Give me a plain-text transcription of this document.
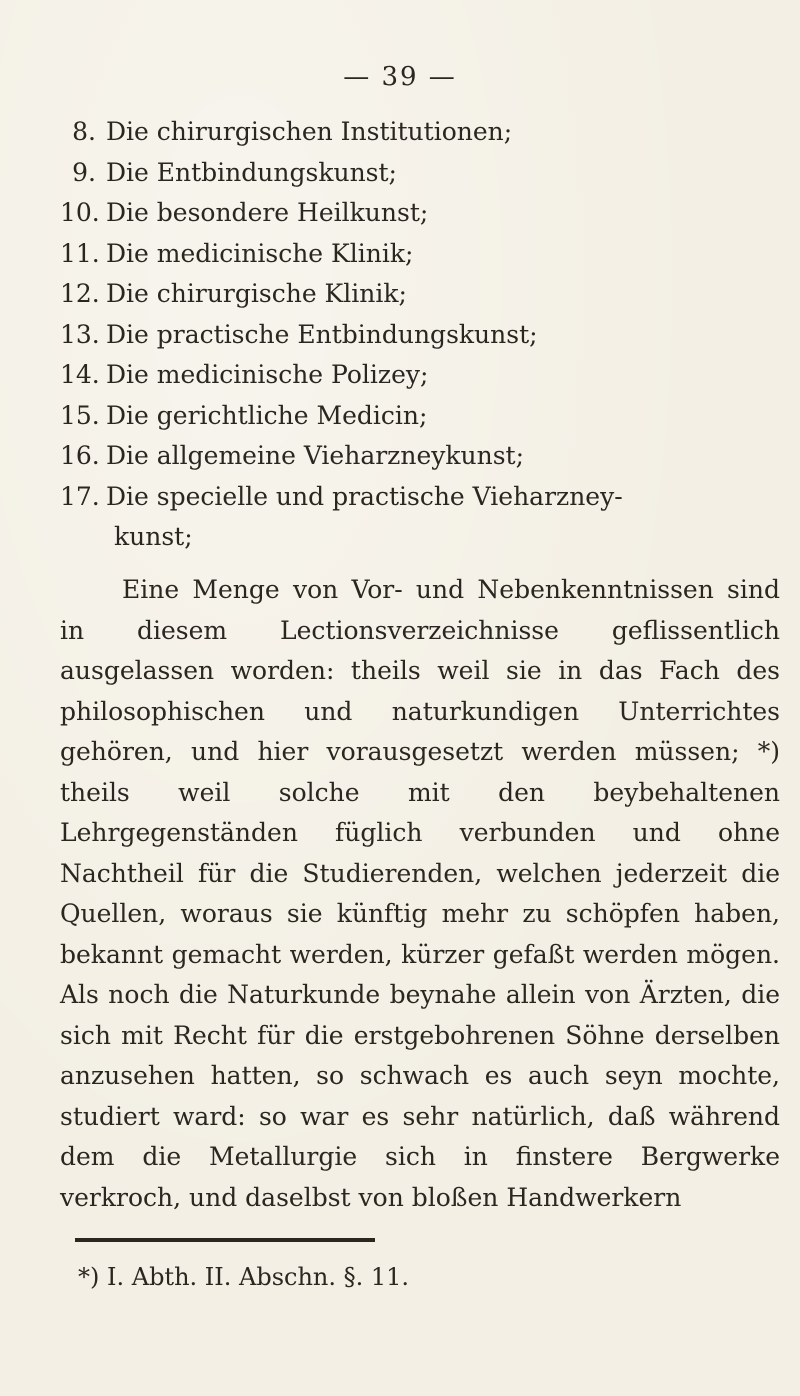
— 39 —
8. Die chirurgischen Institutionen;
9. Die Entbindungskunst;
10. Die besondere Heilkunst;
11. Die medicinische Klinik;
12. Die chirurgische Klinik;
13. Die practische Entbindungskunst;
14. Die medicinische Polizey;
15. Die gerichtliche Medicin;
16. Die allgemeine Vieharzneykunst;
17. Die specielle und practische Vieharzney-
kunst;

Eine Menge von Vor- und Nebenkenntnissen sind in diesem Lectionsverzeichnisse geflissentlich ausgelassen worden: theils weil sie in das Fach des philosophischen und naturkundigen Unterrichtes gehören, und hier vorausgesetzt werden müssen; *) theils weil solche mit den beybehaltenen Lehrgegenständen füglich verbunden und ohne Nachtheil für die Studierenden, welchen jederzeit die Quellen, woraus sie künftig mehr zu schöpfen haben, bekannt gemacht werden, kürzer gefaßt werden mögen. Als noch die Naturkunde beynahe allein von Ärzten, die sich mit Recht für die erstgebohrenen Söhne derselben anzusehen hatten, so schwach es auch seyn mochte, studiert ward: so war es sehr natürlich, daß während dem die Metallurgie sich in finstere Bergwerke verkroch, und daselbst von bloßen Handwerkern

*) I. Abth. II. Abschn. §. 11.
